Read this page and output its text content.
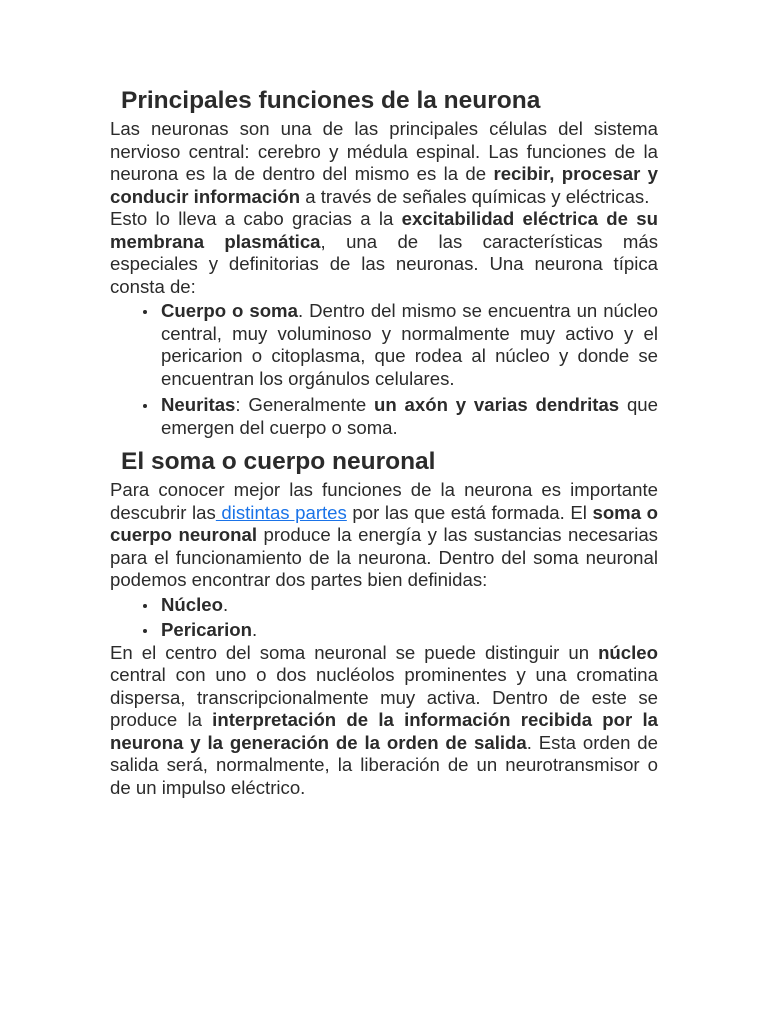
Principales funciones de la neurona

Las neuronas son una de las principales células del sistema nervioso central: cerebro y médula espinal. Las funciones de la neurona es la de dentro del mismo es la de recibir, procesar y conducir información a través de señales químicas y eléctricas.

Esto lo lleva a cabo gracias a la excitabilidad eléctrica de su membrana plasmática, una de las características más especiales y definitorias de las neuronas. Una neurona típica consta de:

Cuerpo o soma. Dentro del mismo se encuentra un núcleo central, muy voluminoso y normalmente muy activo y el pericarion o citoplasma, que rodea al núcleo y donde se encuentran los orgánulos celulares.
Neuritas: Generalmente un axón y varias dendritas que emergen del cuerpo o soma.
El soma o cuerpo neuronal

Para conocer mejor las funciones de la neurona es importante descubrir las distintas partes por las que está formada. El soma o cuerpo neuronal produce la energía y las sustancias necesarias para el funcionamiento de la neurona. Dentro del soma neuronal podemos encontrar dos partes bien definidas:

Núcleo.
Pericarion.

En el centro del soma neuronal se puede distinguir un núcleo central con uno o dos nucléolos prominentes y una cromatina dispersa, transcripcionalmente muy activa. Dentro de este se produce la interpretación de la información recibida por la neurona y la generación de la orden de salida. Esta orden de salida será, normalmente, la liberación de un neurotransmisor o de un impulso eléctrico.
